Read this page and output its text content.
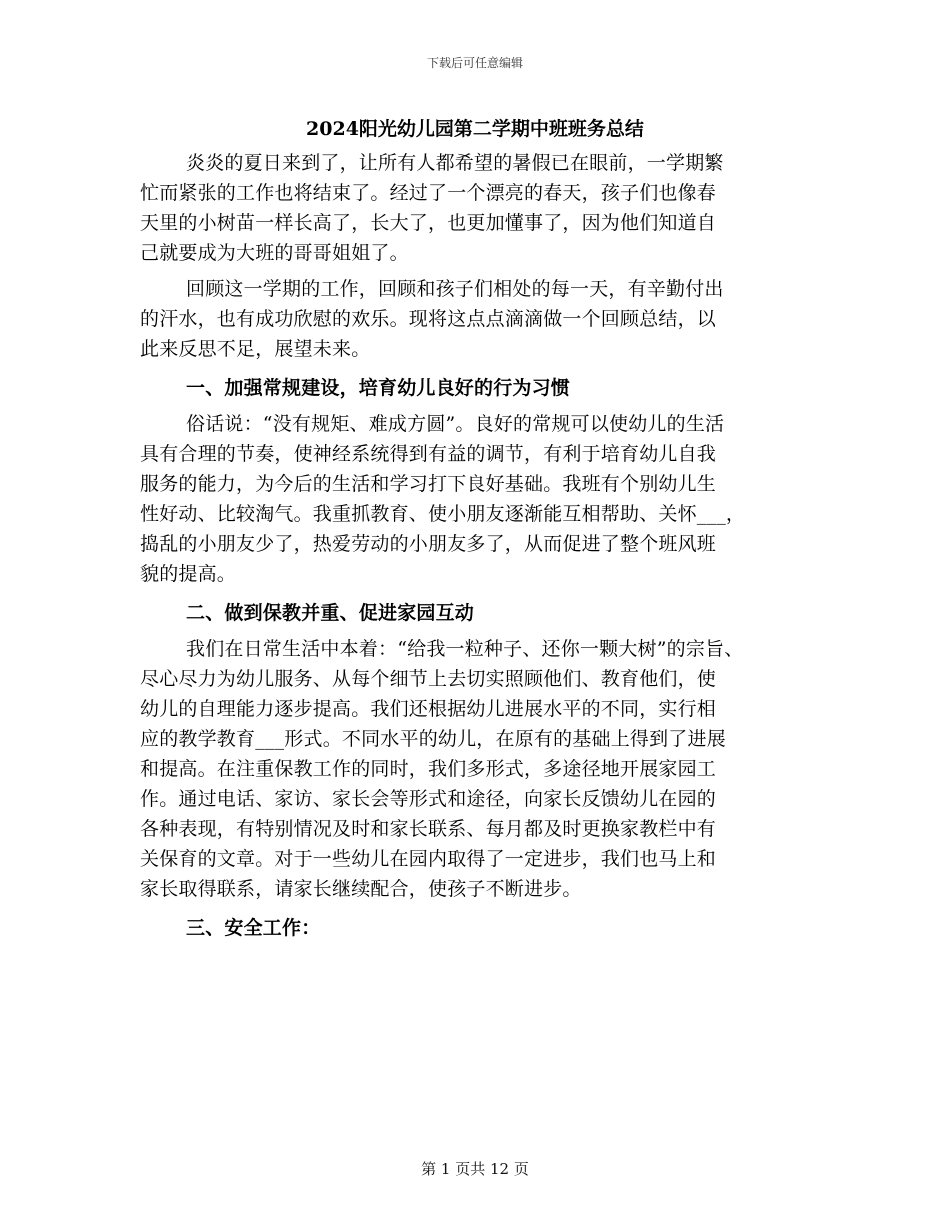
下载后可任意编辑
2024阳光幼儿园第二学期中班班务总结
炎炎的夏日来到了，让所有人都希望的暑假已在眼前，一学期繁
忙而紧张的工作也将结束了。经过了一个漂亮的春天，孩子们也像春
天里的小树苗一样长高了，长大了，也更加懂事了，因为他们知道自
己就要成为大班的哥哥姐姐了。
回顾这一学期的工作，回顾和孩子们相处的每一天，有辛勤付出
的汗水，也有成功欣慰的欢乐。现将这点点滴滴做一个回顾总结，以
此来反思不足，展望未来。
一、加强常规建设，培育幼儿良好的行为习惯
俗话说：“没有规矩、难成方圆”。良好的常规可以使幼儿的生活
具有合理的节奏，使神经系统得到有益的调节，有利于培育幼儿自我
服务的能力，为今后的生活和学习打下良好基础。我班有个别幼儿生
性好动、比较淘气。我重抓教育、使小朋友逐渐能互相帮助、关怀___，
捣乱的小朋友少了，热爱劳动的小朋友多了，从而促进了整个班风班
貌的提高。
二、做到保教并重、促进家园互动
我们在日常生活中本着：“给我一粒种子、还你一颗大树”的宗旨、
尽心尽力为幼儿服务、从每个细节上去切实照顾他们、教育他们，使
幼儿的自理能力逐步提高。我们还根据幼儿进展水平的不同，实行相
应的教学教育___形式。不同水平的幼儿，在原有的基础上得到了进展
和提高。在注重保教工作的同时，我们多形式，多途径地开展家园工
作。通过电话、家访、家长会等形式和途径，向家长反馈幼儿在园的
各种表现，有特别情况及时和家长联系、每月都及时更换家教栏中有
关保育的文章。对于一些幼儿在园内取得了一定进步，我们也马上和
家长取得联系，请家长继续配合，使孩子不断进步。
三、安全工作：
第 1 页共 12 页
